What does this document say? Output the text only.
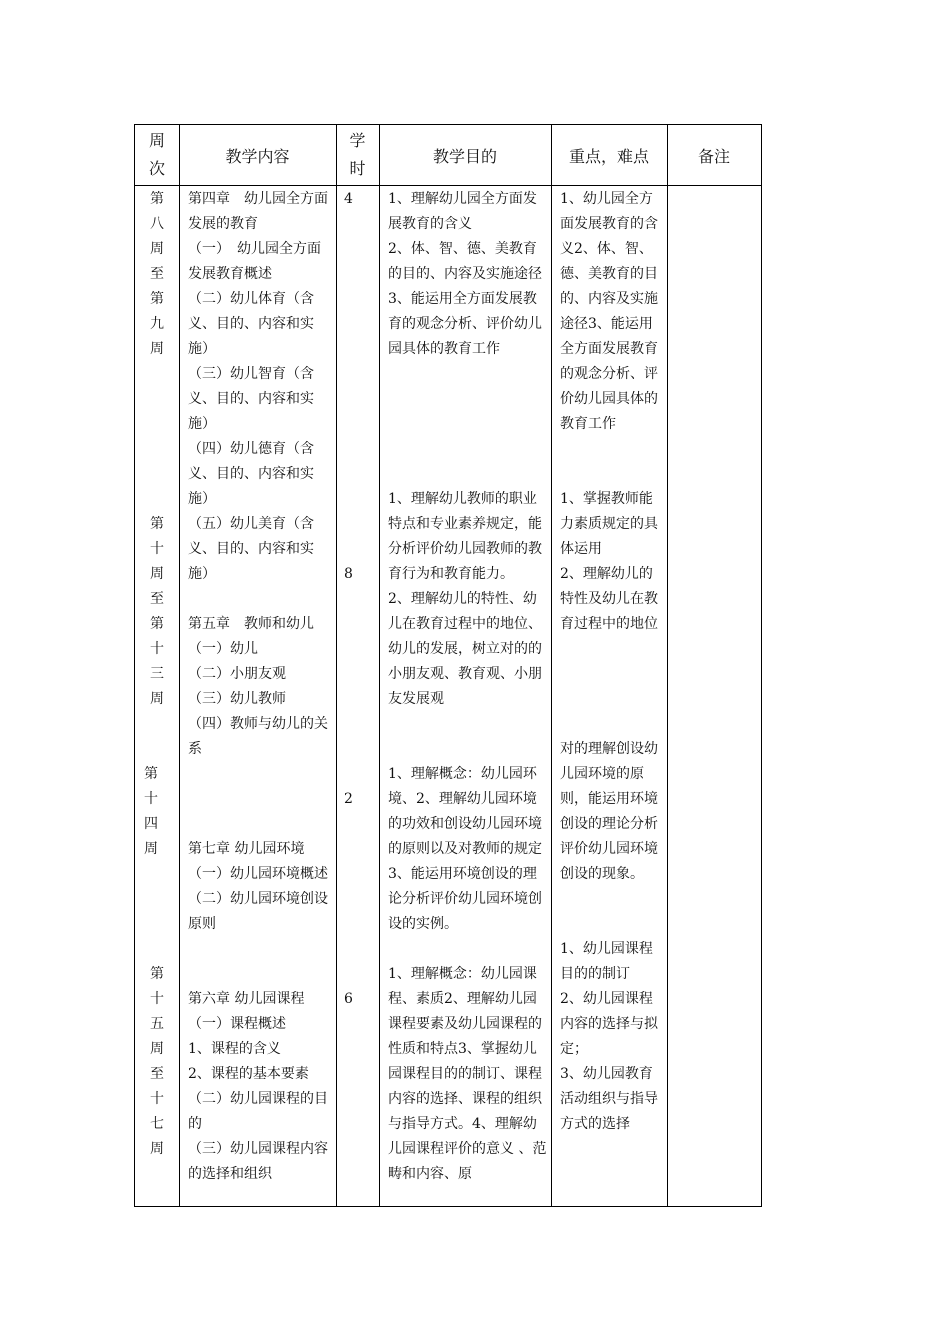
周次
教学内容
学时
教学目的	重点，难点	备注
第八周至第九周
第十周至第十三周
第十四周
第十五周至十七周
第四章　幼儿园全方面发展的教育
（一）　幼儿园全方面发展教育概述
（二）幼儿体育（含义、目的、内容和实施）
（三）幼儿智育（含义、目的、内容和实施）
（四）幼儿德育（含义、目的、内容和实施）
（五）幼儿美育（含义、目的、内容和实施）
第五章　教师和幼儿
（一）幼儿
（二）小朋友观
（三）幼儿教师
（四）教师与幼儿的关系
第七章 幼儿园环境
（一）幼儿园环境概述
（二）幼儿园环境创设原则
第六章 幼儿园课程
（一）课程概述
1、课程的含义
2、课程的基本要素
（二）幼儿园课程的目的
（三）幼儿园课程内容的选择和组织
4
8
2
6
1、理解幼儿园全方面发展教育的含义
2、体、智、德、美教育的目的、内容及实施途径
3、能运用全方面发展教育的观念分析、评价幼儿园具体的教育工作
1、理解幼儿教师的职业特点和专业素养规定，能分析评价幼儿园教师的教育行为和教育能力。
2、理解幼儿的特性、幼儿在教育过程中的地位、幼儿的发展，树立对的的小朋友观、教育观、小朋友发展观
1、理解概念：幼儿园环境、2、理解幼儿园环境的功效和创设幼儿园环境的原则以及对教师的规定3、能运用环境创设的理论分析评价幼儿园环境创设的实例。
1、理解概念：幼儿园课程、素质2、理解幼儿园课程要素及幼儿园课程的性质和特点3、掌握幼儿园课程目的的制订、课程内容的选择、课程的组织与指导方式。4、理解幼儿园课程评价的意义 、范畴和内容、原
1、幼儿园全方面发展教育的含义2、体、智、德、美教育的目的、内容及实施途径3、能运用全方面发展教育的观念分析、评价幼儿园具体的教育工作
1、掌握教师能力素质规定的具体运用
2、理解幼儿的特性及幼儿在教育过程中的地位
对的理解创设幼儿园环境的原则，能运用环境创设的理论分析评价幼儿园环境创设的现象。
1、幼儿园课程目的的制订
2、幼儿园课程内容的选择与拟定；
3、幼儿园教育活动组织与指导方式的选择
